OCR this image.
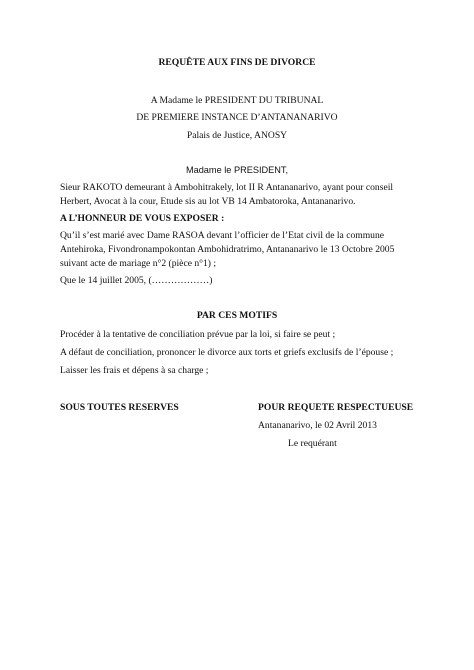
REQUÊTE AUX FINS DE DIVORCE
A Madame le PRESIDENT DU TRIBUNAL
DE PREMIERE INSTANCE D’ANTANANARIVO
Palais de Justice, ANOSY
Madame le PRESIDENT,
Sieur RAKOTO demeurant à Ambohitrakely, lot II R Antananarivo, ayant pour conseil
Herbert, Avocat à la cour, Etude sis au lot VB 14 Ambatoroka, Antananarivo.
A L’HONNEUR DE VOUS EXPOSER :
Qu’il s’est marié avec Dame RASOA devant l’officier de l’Etat civil de la commune
Antehiroka, Fivondronampokontan Ambohidratrimo, Antananarivo le 13 Octobre 2005
suivant acte de mariage n°2 (pièce n°1) ;
Que le 14 juillet 2005, (………………)
PAR CES MOTIFS
Procéder à la tentative de conciliation prévue par la loi, si faire se peut ;
A défaut de conciliation, prononcer le divorce aux torts et griefs exclusifs de l’épouse ;
Laisser les frais et dépens à sa charge ;
SOUS TOUTES RESERVES	POUR REQUETE RESPECTUEUSE
Antananarivo, le 02 Avril 2013
Le requérant
